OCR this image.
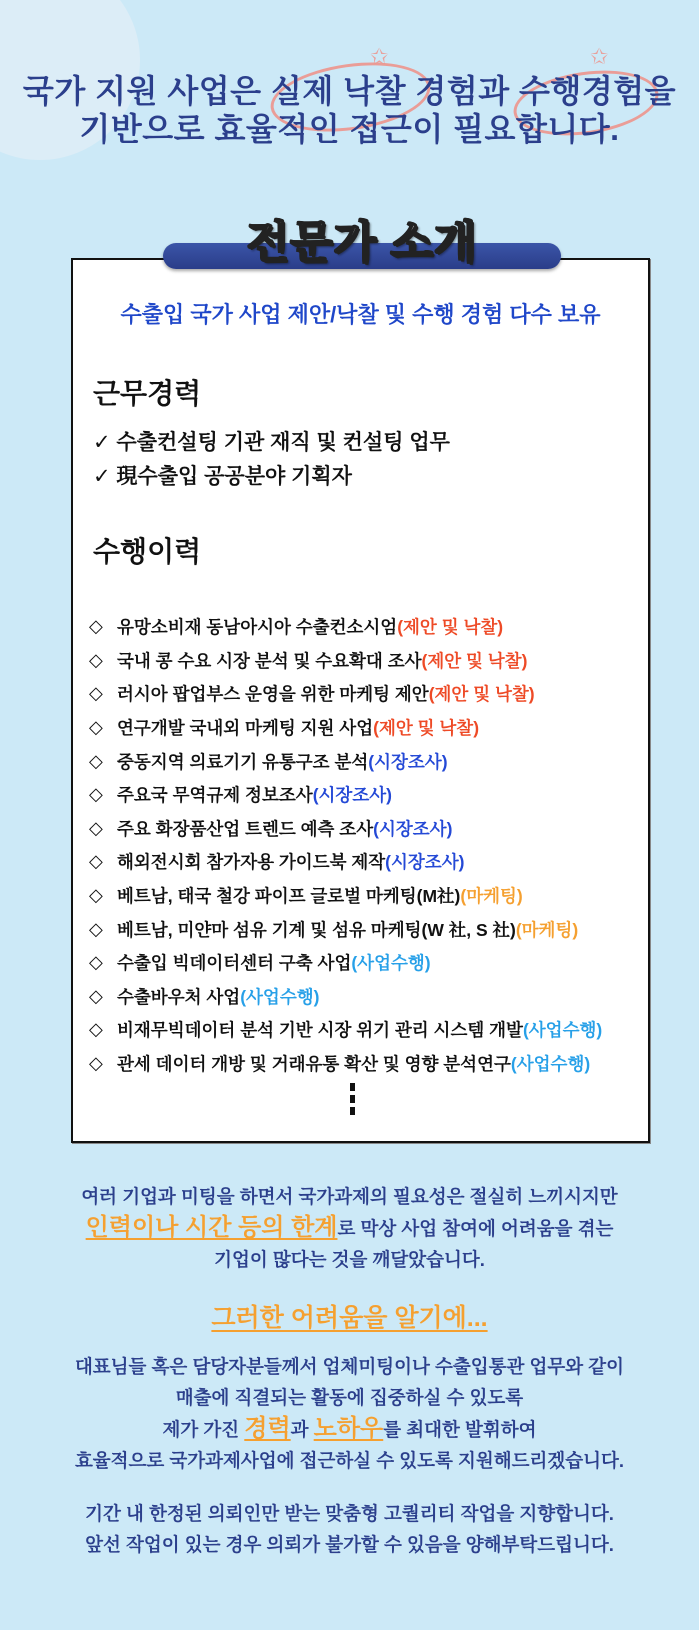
✩	✩
국가 지원 사업은 실제 낙찰 경험과 수행경험을
기반으로 효율적인 접근이 필요합니다.
수출입 국가 사업 제안/낙찰 및 수행 경험 다수 보유
근무경력
✓ 수출컨설팅 기관 재직 및 컨설팅 업무
✓ 現수출입 공공분야 기획자
수행이력
◇ 유망소비재 동남아시아 수출컨소시엄 (제안 및 낙찰)
◇ 국내 콩 수요 시장 분석 및 수요확대 조사 (제안 및 낙찰)
◇ 러시아 팝업부스 운영을 위한 마케팅 제안 (제안 및 낙찰)
◇ 연구개발 국내외 마케팅 지원 사업 (제안 및 낙찰)
◇ 중동지역 의료기기 유통구조 분석 (시장조사)
◇ 주요국 무역규제 정보조사 (시장조사)
◇ 주요 화장품산업 트렌드 예측 조사 (시장조사)
◇ 해외전시회 참가자용 가이드북 제작 (시장조사)
◇ 베트남, 태국 철강 파이프 글로벌 마케팅(M社) (마케팅)
◇ 베트남, 미얀마 섬유 기계 및 섬유 마케팅(W 社, S 社) (마케팅)
◇ 수출입 빅데이터센터 구축 사업 (사업수행)
◇ 수출바우처 사업 (사업수행)
◇ 비재무빅데이터 분석 기반 시장 위기 관리 시스템 개발 (사업수행)
◇ 관세 데이터 개방 및 거래유통 확산 및 영향 분석연구 (사업수행)
전문가 소개
여러 기업과 미팅을 하면서 국가과제의 필요성은 절실히 느끼시지만
인력이나 시간 등의 한계로 막상 사업 참여에 어려움을 겪는
기업이 많다는 것을 깨달았습니다.
그러한 어려움을 알기에...
대표님들 혹은 담당자분들께서 업체미팅이나 수출입통관 업무와 같이
매출에 직결되는 활동에 집중하실 수 있도록
제가 가진 경력과 노하우를 최대한 발휘하여
효율적으로 국가과제사업에 접근하실 수 있도록 지원해드리겠습니다.
기간 내 한정된 의뢰인만 받는 맞춤형 고퀄리티 작업을 지향합니다.
앞선 작업이 있는 경우 의뢰가 불가할 수 있음을 양해부탁드립니다.
